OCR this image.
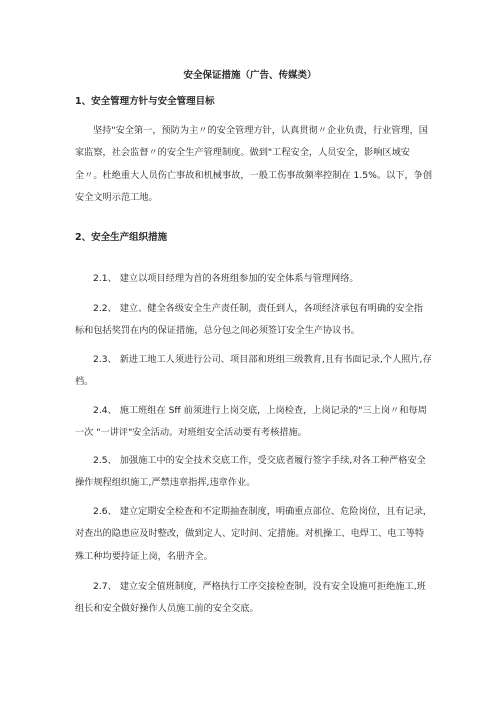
安全保证措施（广告、传媒类）
1、安全管理方针与安全管理目标
坚持"安全第一，预防为主〃的安全管理方针，认真贯彻〃企业负责，行业管理，国
家监察，社会监督〃的安全生产管理制度。做到"工程安全，人员安全，影响区域安
全〃。杜绝重大人员伤亡事故和机械事故，一般工伤事故频率控制在 1.5%。以下，争创
安全文明示范工地。
2、安全生产组织措施
2.1、 建立以项目经理为首的各班组参加的安全体系与管理网络。
2.2、 建立、健全各级安全生产责任制，责任到人，各项经济承包有明确的安全指
标和包括奖罚在内的保证措施，总分包之间必须签订安全生产协议书。
2.3、 新进工地工人须进行公司、项目部和班组三级教育,且有书面记录,个人照片,存
档。
2.4、 施工班组在 Sff 前须进行上岗交底，上岗检查，上岗记录的"三上岗〃和每周
一次 "一讲评"安全活动。对班组安全活动要有考核措施。
2.5、 加强施工中的安全技术交底工作，受交底者履行签字手续,对各工种严格安全
操作规程组织施工,严禁违章指挥,违章作业。
2.6、 建立定期安全检查和不定期抽查制度，明确重点部位、危险岗位，且有记录，
对查出的隐患应及时整改，做到定人、定时间、定措施。对机操工、电焊工、电工等特
殊工种均要持证上岗，名册齐全。
2.7、 建立安全值班制度，严格执行工序交接检查制，没有安全设施可拒绝施工,班
组长和安全做好操作人员施工前的安全交底。
